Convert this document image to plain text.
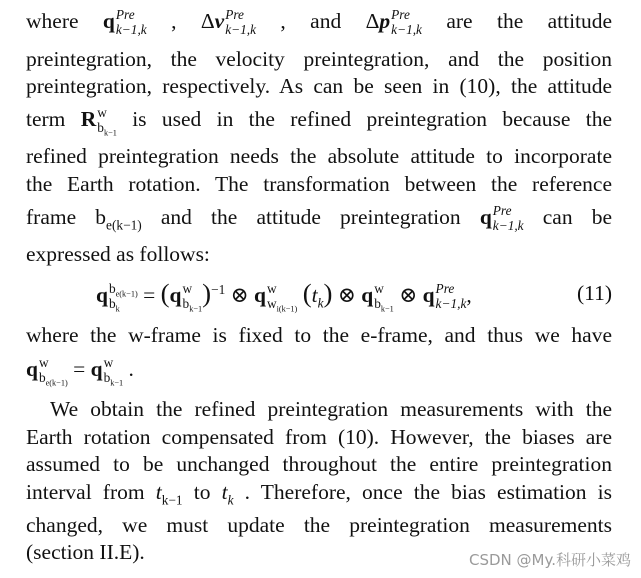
where q Pre
k−1,k , Δv Pre
k−1,k , and Δp Pre
k−1,k are the attitude
preintegration, the velocity preintegration, and the position
preintegration, respectively. As can be seen in (10), the attitude
term R w
$b_{k-1}$
is used in the refined preintegration because the
refined preintegration needs the absolute attitude to incorporate
the Earth rotation. The transformation between the reference
frame $b_{e(k-1)}$ and the attitude preintegration q Pre
k−1,k can be
expressed as follows:
q $b_{e(k-1)}$
$b_k$
= (q w
$b_{k-1}$
)$^{-1}$ ⊗ q w
$w_{i(k-1)}$
$(t_k)$ ⊗ q w
$b_{k-1}$
⊗ q Pre
k−1,k ,	(11)
where the w-frame is fixed to the e-frame, and thus we have
q w
$b_{e(k-1)}$
= q w
$b_{k-1}$
.
We obtain the refined preintegration measurements with the
Earth rotation compensated from (10). However, the biases are
assumed to be unchanged throughout the entire preintegration
interval from $t_{k-1}$ to $t_k$ . Therefore, once the bias estimation is
changed, we must update the preintegration measurements
(section II.E).	CSDN @My.科研小菜鸡
